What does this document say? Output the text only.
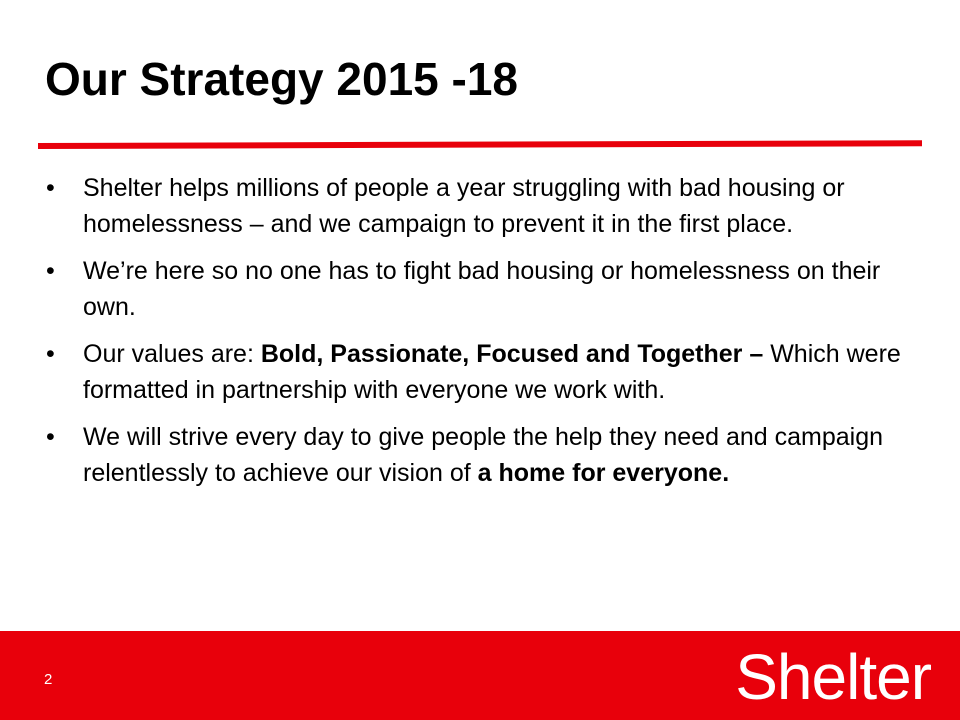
Our Strategy 2015 -18
• Shelter helps millions of people a year struggling with bad housing or homelessness – and we campaign to prevent it in the first place.
• We’re here so no one has to fight bad housing or homelessness on their own.
• Our values are: Bold, Passionate, Focused and Together – Which were formatted in partnership with everyone we work with.
• We will strive every day to give people the help they need and campaign relentlessly to achieve our vision of a home for everyone.
2	Shelter
